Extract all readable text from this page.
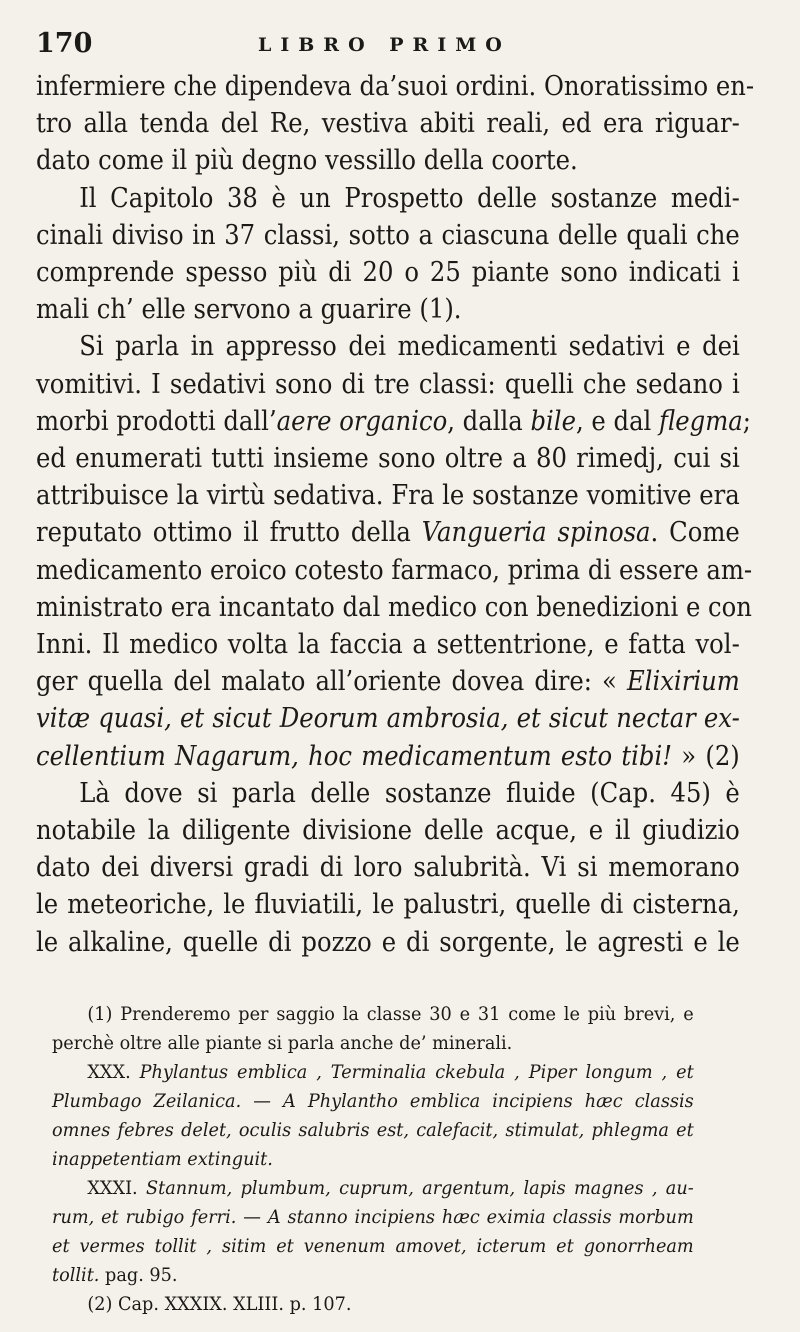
170	LIBRO PRIMO
infermiere che dipendeva da’suoi ordini. Onoratissimo en-
tro alla tenda del Re, vestiva abiti reali, ed era riguar-
dato come il più degno vessillo della coorte.
Il Capitolo 38 è un Prospetto delle sostanze medi-
cinali diviso in 37 classi, sotto a ciascuna delle quali che
comprende spesso più di 20 o 25 piante sono indicati i
mali ch’ elle servono a guarire (1).
Si parla in appresso dei medicamenti sedativi e dei
vomitivi. I sedativi sono di tre classi: quelli che sedano i
morbi prodotti dall’aere organico, dalla bile, e dal flegma;
ed enumerati tutti insieme sono oltre a 80 rimedj, cui si
attribuisce la virtù sedativa. Fra le sostanze vomitive era
reputato ottimo il frutto della Vangueria spinosa. Come
medicamento eroico cotesto farmaco, prima di essere am-
ministrato era incantato dal medico con benedizioni e con
Inni. Il medico volta la faccia a settentrione, e fatta vol-
ger quella del malato all’oriente dovea dire: « Elixirium
vitæ quasi, et sicut Deorum ambrosia, et sicut nectar ex-
cellentium Nagarum, hoc medicamentum esto tibi! » (2)
Là dove si parla delle sostanze fluide (Cap. 45) è
notabile la diligente divisione delle acque, e il giudizio
dato dei diversi gradi di loro salubrità. Vi si memorano
le meteoriche, le fluviatili, le palustri, quelle di cisterna,
le alkaline, quelle di pozzo e di sorgente, le agresti e le
(1) Prenderemo per saggio la classe 30 e 31 come le più brevi, e
perchè oltre alle piante si parla anche de’ minerali.
XXX. Phylantus emblica , Terminalia ckebula , Piper longum , et
Plumbago Zeilanica. — A Phylantho emblica incipiens hæc classis
omnes febres delet, oculis salubris est, calefacit, stimulat, phlegma et
inappetentiam extinguit.
XXXI. Stannum, plumbum, cuprum, argentum, lapis magnes , au-
rum, et rubigo ferri. — A stanno incipiens hæc eximia classis morbum
et vermes tollit , sitim et venenum amovet, icterum et gonorrheam
tollit. pag. 95.
(2) Cap. XXXIX. XLIII. p. 107.
